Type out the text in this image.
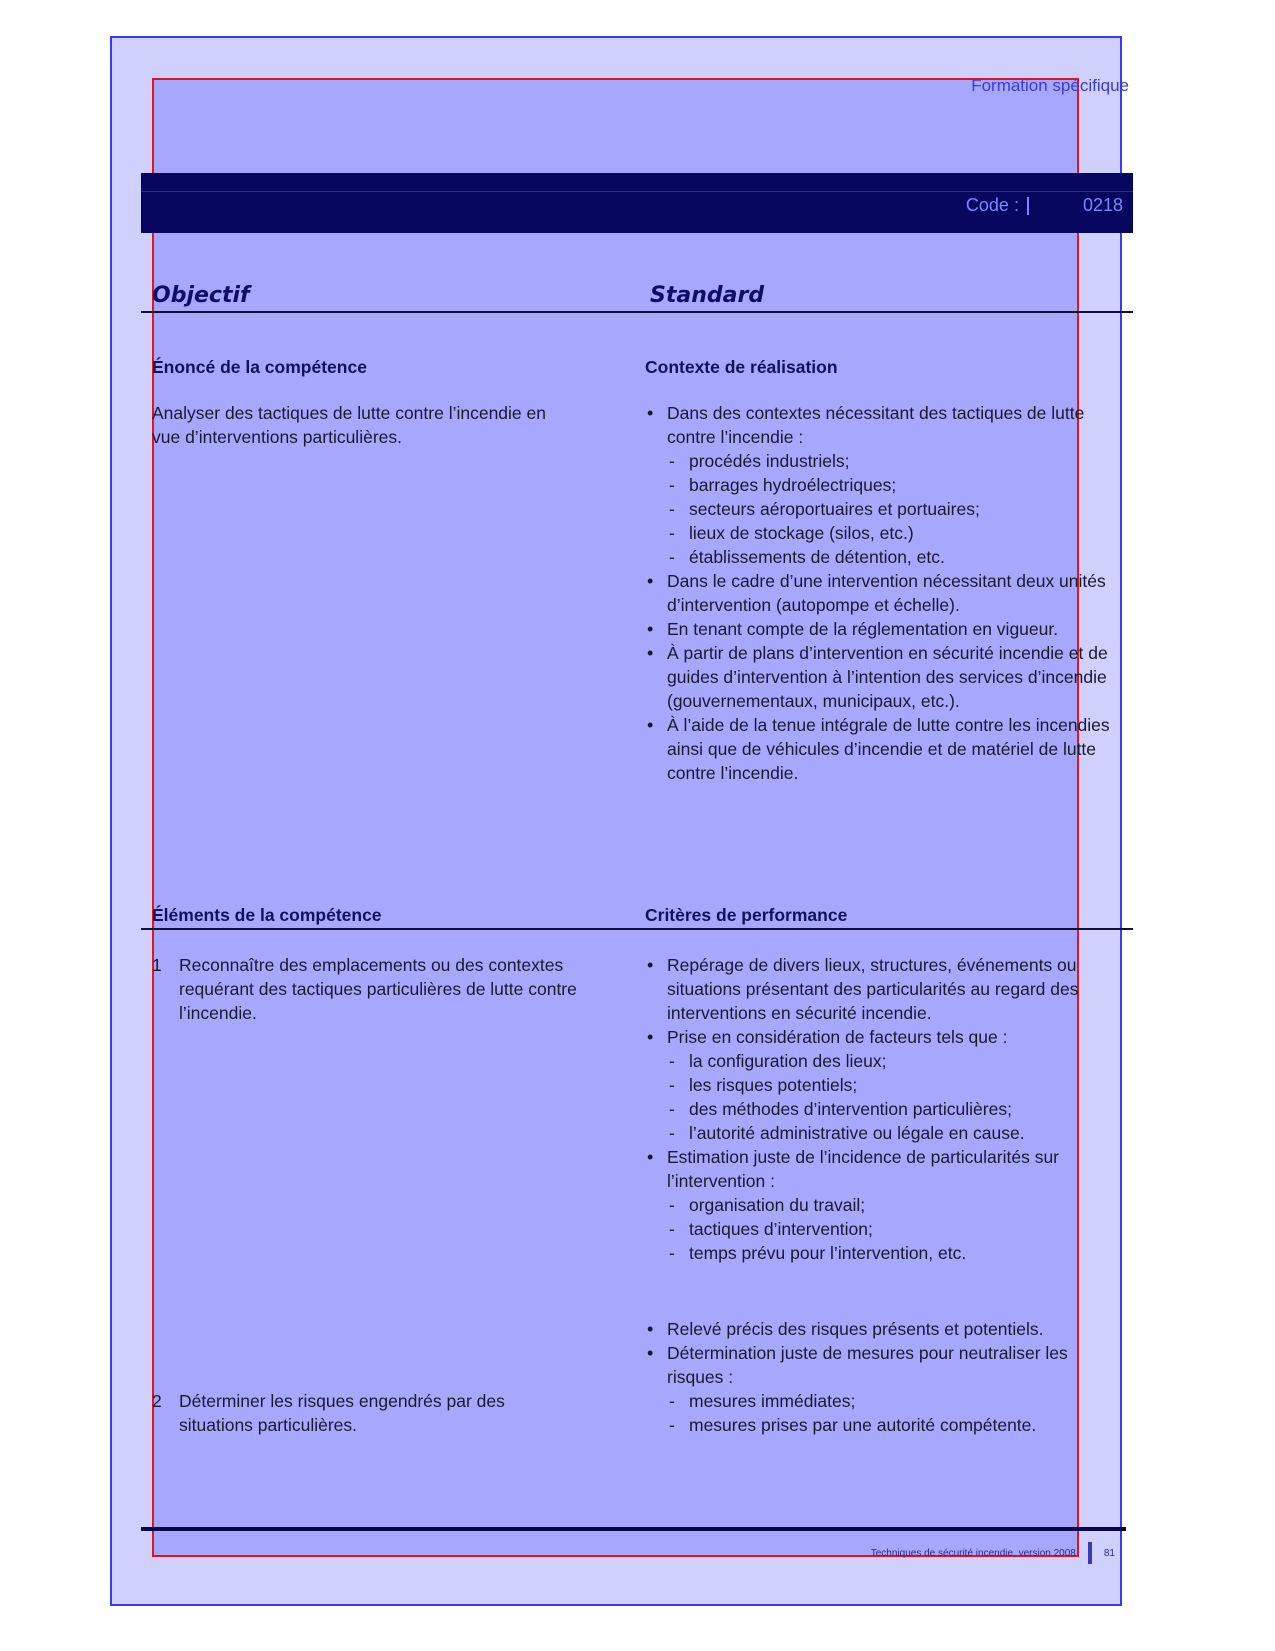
Formation spécifique
Code :	0218
Objectif	Standard
Énoncé de la compétence	Contexte de réalisation
Analyser des tactiques de lutte contre l’incendie en
vue d’interventions particulières.
• Dans des contextes nécessitant des tactiques de lutte contre l’incendie :
- procédés industriels;
- barrages hydroélectriques;
- secteurs aéroportuaires et portuaires;
- lieux de stockage (silos, etc.)
- établissements de détention, etc.
• Dans le cadre d’une intervention nécessitant deux unités d’intervention (autopompe et échelle).
• En tenant compte de la réglementation en vigueur.
• À partir de plans d’intervention en sécurité incendie et de guides d’intervention à l’intention des services d’incendie (gouvernementaux, municipaux, etc.).
• À l’aide de la tenue intégrale de lutte contre les incendies ainsi que de véhicules d’incendie et de matériel de lutte contre l’incendie.
Éléments de la compétence	Critères de performance
1 Reconnaître des emplacements ou des contextes requérant des tactiques particulières de lutte contre l’incendie.
• Repérage de divers lieux, structures, événements ou situations présentant des particularités au regard des interventions en sécurité incendie.
• Prise en considération de facteurs tels que :
- la configuration des lieux;
- les risques potentiels;
- des méthodes d’intervention particulières;
- l’autorité administrative ou légale en cause.
• Estimation juste de l’incidence de particularités sur l’intervention :
- organisation du travail;
- tactiques d’intervention;
- temps prévu pour l’intervention, etc.
2 Déterminer les risques engendrés par des situations particulières.
• Relevé précis des risques présents et potentiels.
• Détermination juste de mesures pour neutraliser les risques :
- mesures immédiates;
- mesures prises par une autorité compétente.
Techniques de sécurité incendie, version 2008	81
